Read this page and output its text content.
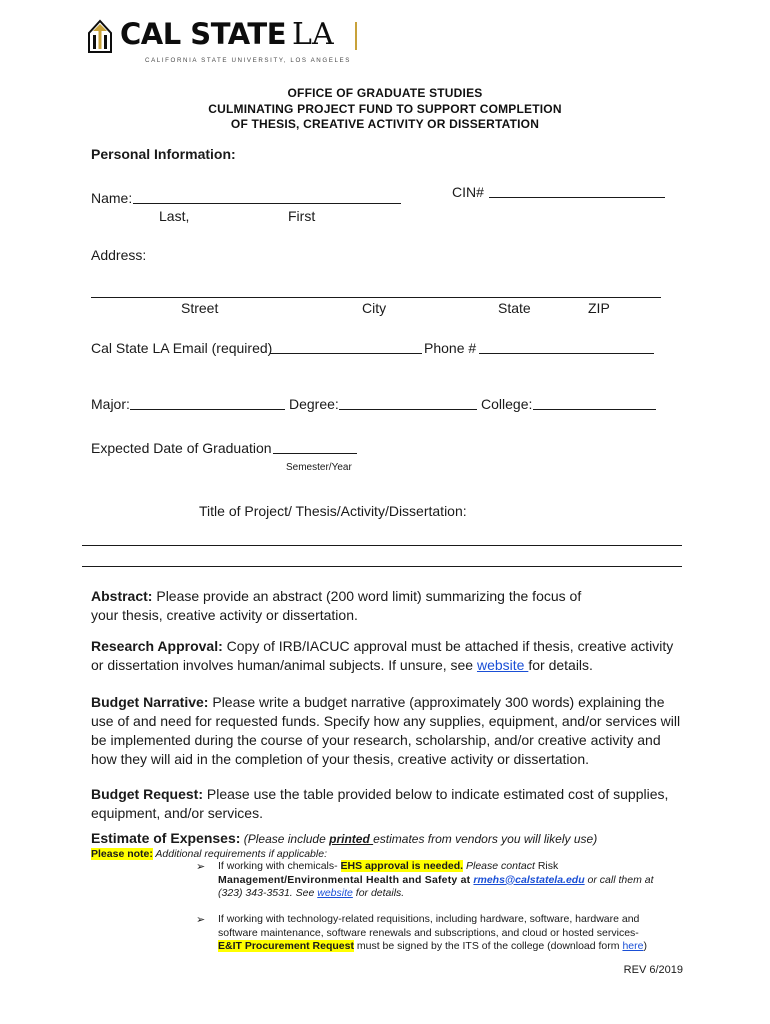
CAL STATE LA
CALIFORNIA STATE UNIVERSITY, LOS ANGELES
OFFICE OF GRADUATE STUDIES
CULMINATING PROJECT FUND TO SUPPORT COMPLETION
OF THESIS, CREATIVE ACTIVITY OR DISSERTATION
Personal Information:
Name:
Last,	First
CIN#
Address:
Street	City	State	ZIP
Cal State LA Email (required)	Phone #
Major:	Degree:	College:
Expected Date of Graduation
Semester/Year
Title of Project/ Thesis/Activity/Dissertation:
Abstract: Please provide an abstract (200 word limit) summarizing the focus of
your thesis, creative activity or dissertation.
Research Approval: Copy of IRB/IACUC approval must be attached if thesis, creative activity
or dissertation involves human/animal subjects. If unsure, see website for details.
Budget Narrative: Please write a budget narrative (approximately 300 words) explaining the
use of and need for requested funds. Specify how any supplies, equipment, and/or services will
be implemented during the course of your research, scholarship, and/or creative activity and
how they will aid in the completion of your thesis, creative activity or dissertation.
Budget Request: Please use the table provided below to indicate estimated cost of supplies,
equipment, and/or services.
Estimate of Expenses: (Please include printed estimates from vendors you will likely use)
Please note: Additional requirements if applicable:
➢ If working with chemicals- EHS approval is needed. Please contact Risk
Management/Environmental Health and Safety at rmehs@calstatela.edu or call them at
(323) 343-3531. See website for details.
➢ If working with technology-related requisitions, including hardware, software, hardware and
software maintenance, software renewals and subscriptions, and cloud or hosted services-
E&IT Procurement Request must be signed by the ITS of the college (download form here)
REV 6/2019
